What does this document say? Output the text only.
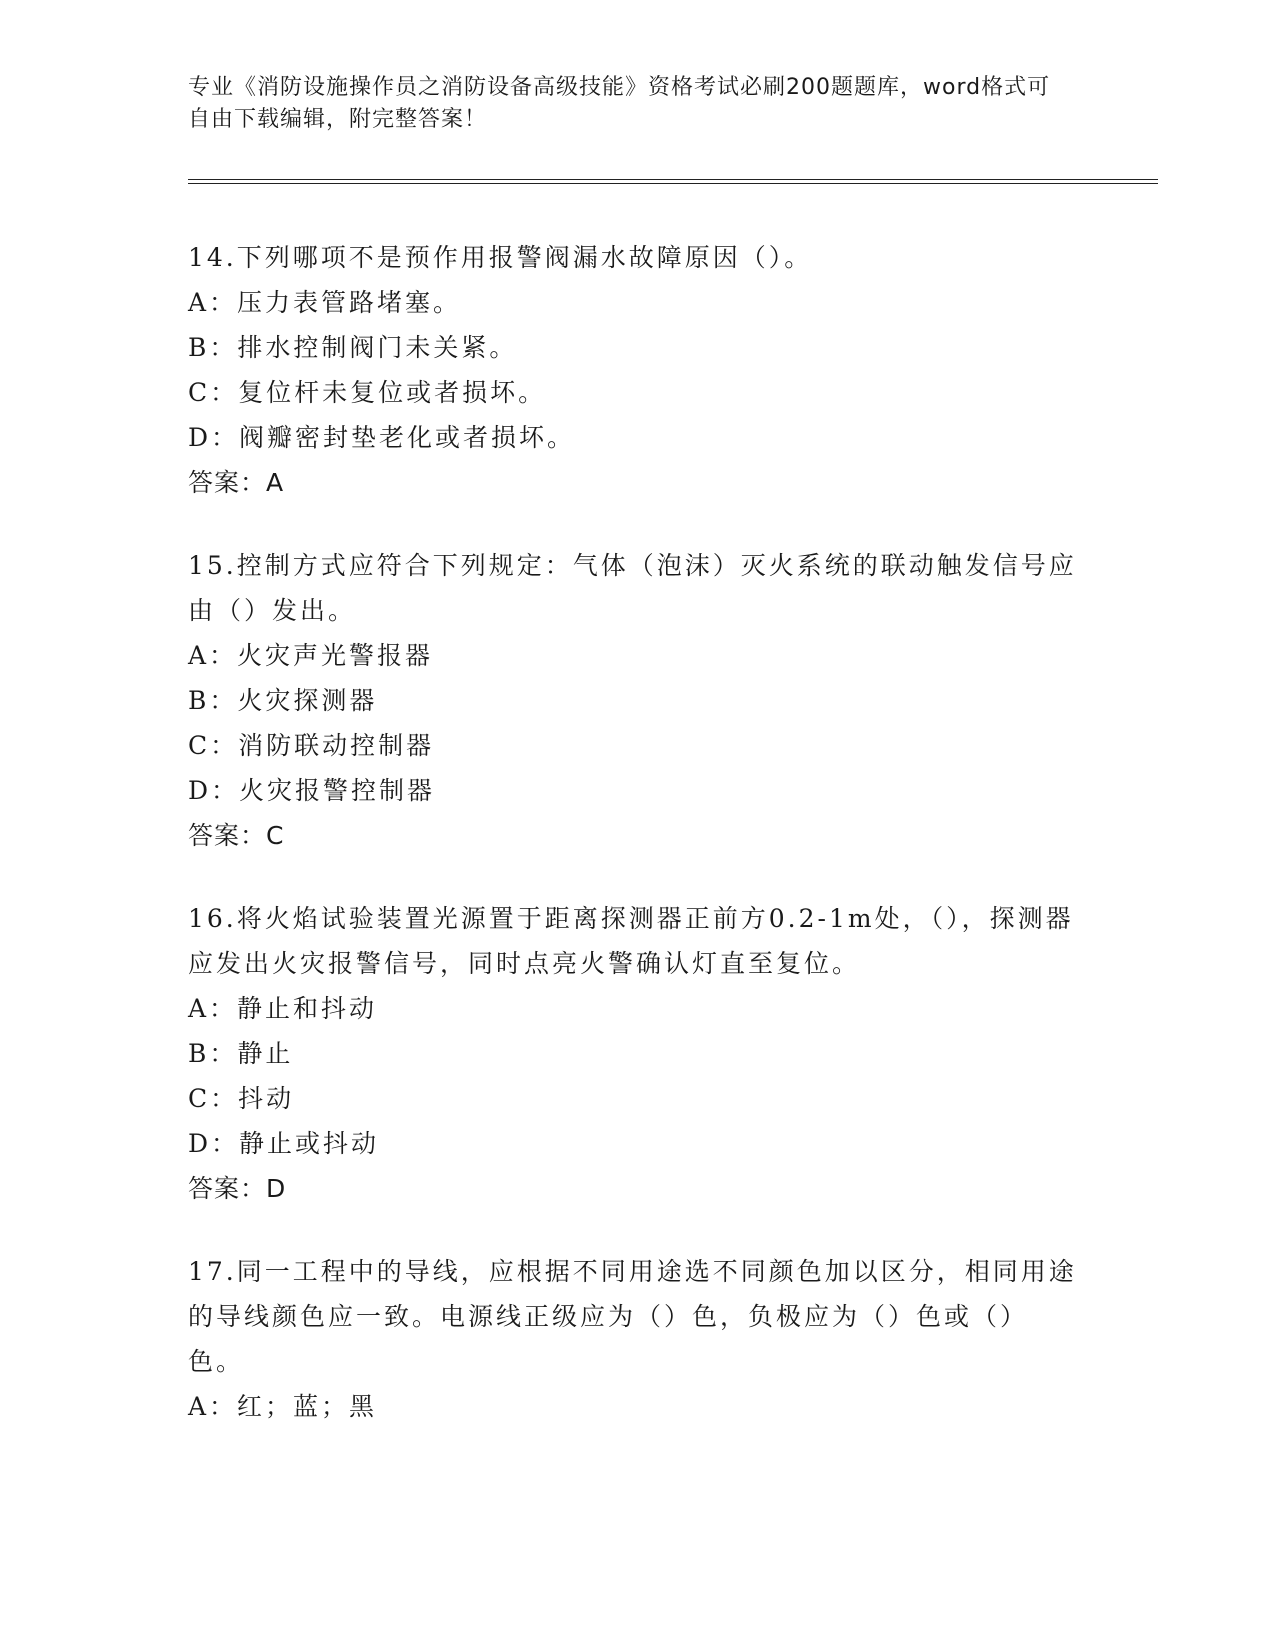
专业《消防设施操作员之消防设备高级技能》资格考试必刷200题题库，word格式可自由下载编辑，附完整答案！

14.下列哪项不是预作用报警阀漏水故障原因（）。

A：压力表管路堵塞。

B：排水控制阀门未关紧。

C：复位杆未复位或者损坏。

D：阀瓣密封垫老化或者损坏。

答案：A

15.控制方式应符合下列规定：气体（泡沫）灭火系统的联动触发信号应由（）发出。

A：火灾声光警报器

B：火灾探测器

C：消防联动控制器

D：火灾报警控制器

答案：C

16.将火焰试验装置光源置于距离探测器正前方0.2-1m处，（），探测器应发出火灾报警信号，同时点亮火警确认灯直至复位。

A：静止和抖动

B：静止

C：抖动

D：静止或抖动

答案：D

17.同一工程中的导线，应根据不同用途选不同颜色加以区分，相同用途的导线颜色应一致。电源线正级应为（）色，负极应为（）色或（）色。

A：红；蓝；黑
